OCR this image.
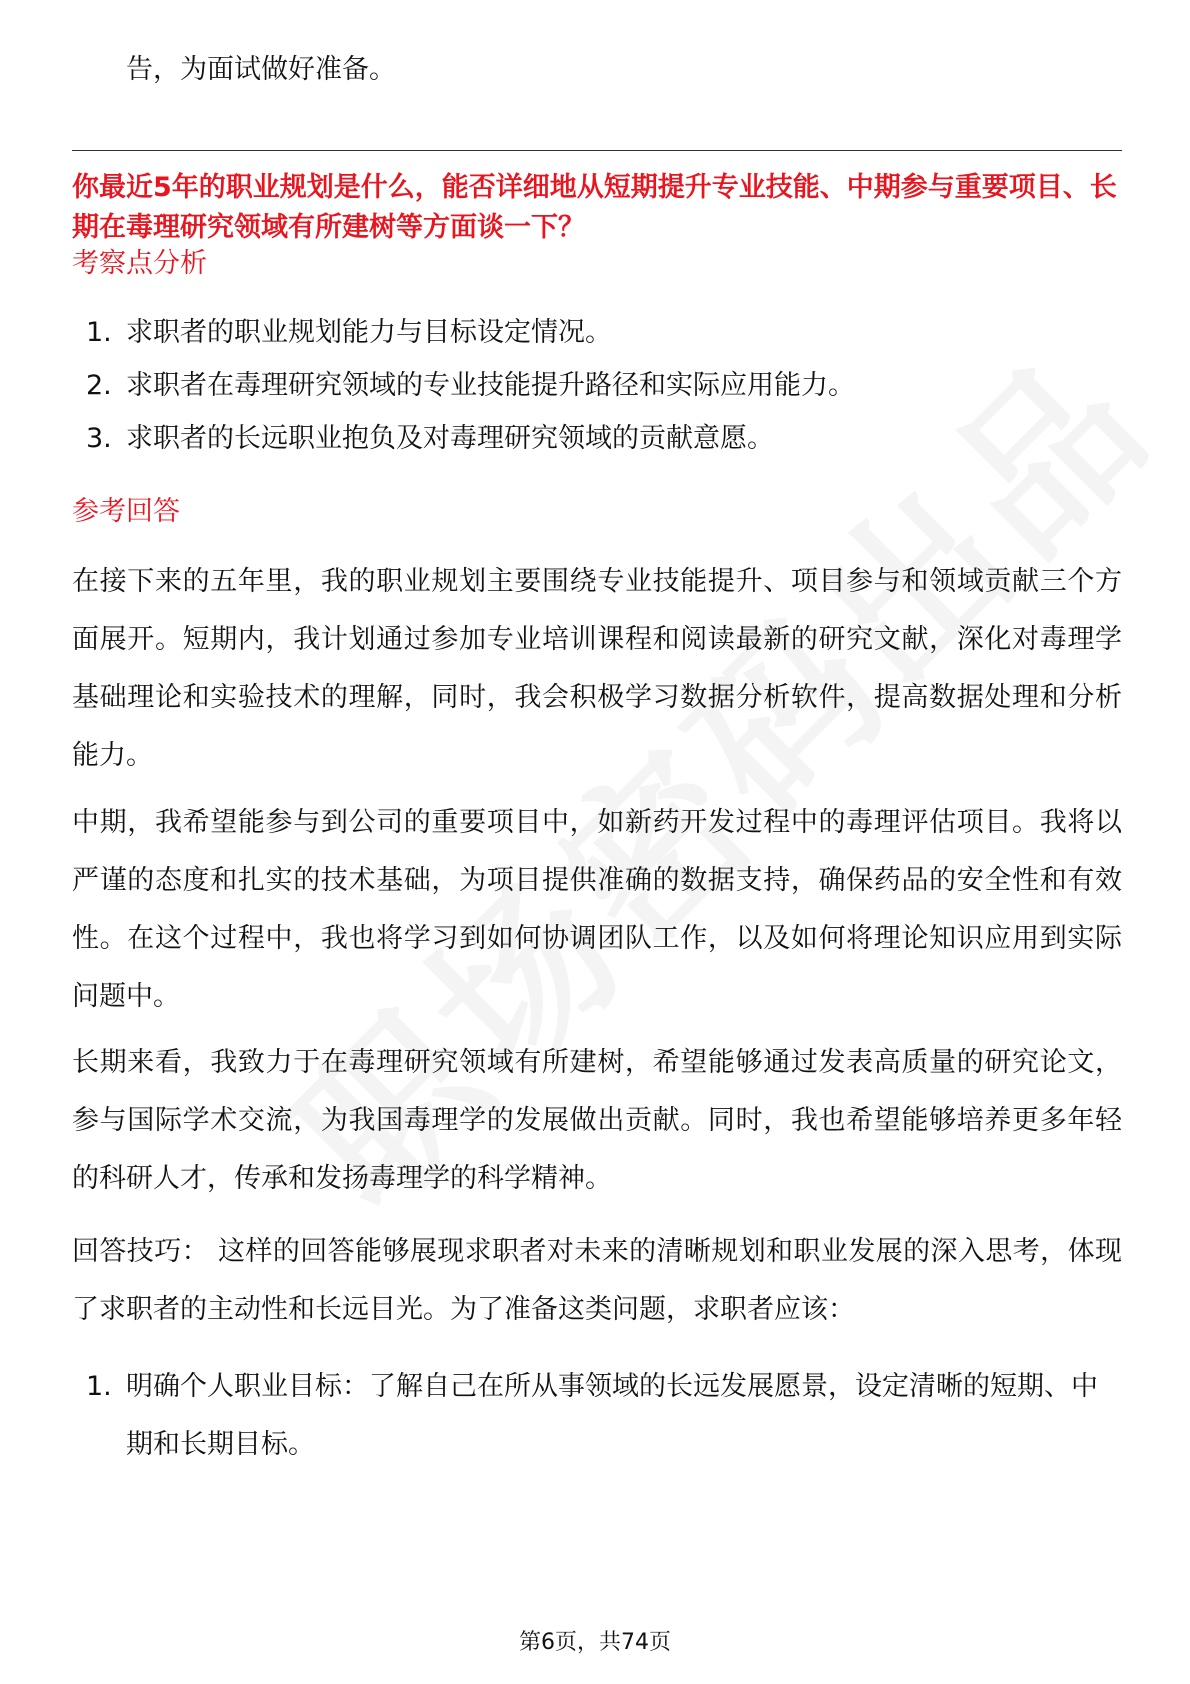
告，为面试做好准备。
你最近5年的职业规划是什么，能否详细地从短期提升专业技能、中期参与重要项目、长期在毒理研究领域有所建树等方面谈一下？
考察点分析
1. 求职者的职业规划能力与目标设定情况。
2. 求职者在毒理研究领域的专业技能提升路径和实际应用能力。
3. 求职者的长远职业抱负及对毒理研究领域的贡献意愿。
参考回答
在接下来的五年里，我的职业规划主要围绕专业技能提升、项目参与和领域贡献三个方面展开。短期内，我计划通过参加专业培训课程和阅读最新的研究文献，深化对毒理学基础理论和实验技术的理解，同时，我会积极学习数据分析软件，提高数据处理和分析能力。
中期，我希望能参与到公司的重要项目中，如新药开发过程中的毒理评估项目。我将以严谨的态度和扎实的技术基础，为项目提供准确的数据支持，确保药品的安全性和有效性。在这个过程中，我也将学习到如何协调团队工作，以及如何将理论知识应用到实际问题中。
长期来看，我致力于在毒理研究领域有所建树，希望能够通过发表高质量的研究论文，参与国际学术交流，为我国毒理学的发展做出贡献。同时，我也希望能够培养更多年轻的科研人才，传承和发扬毒理学的科学精神。
回答技巧： 这样的回答能够展现求职者对未来的清晰规划和职业发展的深入思考，体现了求职者的主动性和长远目光。为了准备这类问题，求职者应该：
1. 明确个人职业目标：了解自己在所从事领域的长远发展愿景，设定清晰的短期、中期和长期目标。
第6页，共74页
